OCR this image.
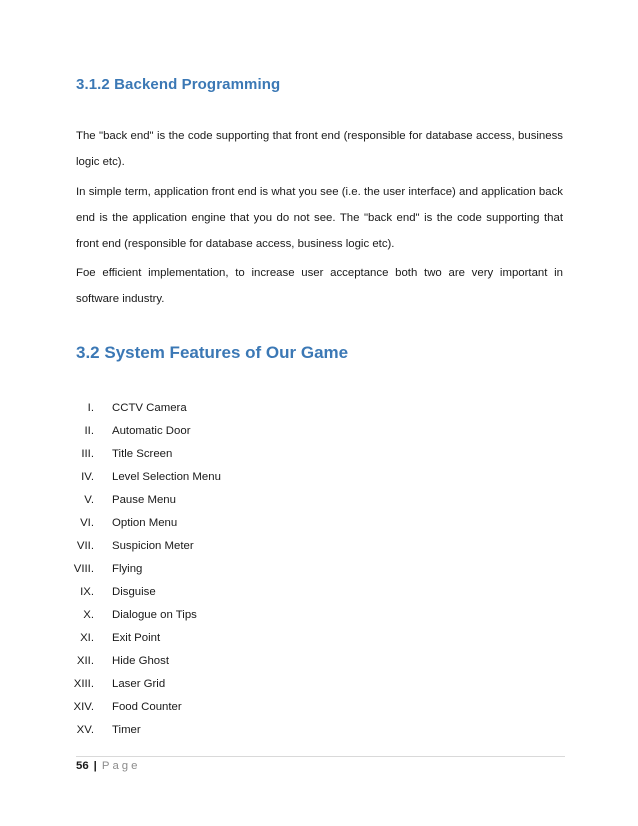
3.1.2 Backend Programming

The "back end" is the code supporting that front end (responsible for database access, business logic etc).

In simple term, application front end is what you see (i.e. the user interface) and application back end is the application engine that you do not see. The "back end" is the code supporting that front end (responsible for database access, business logic etc).

Foe efficient implementation, to increase user acceptance both two are very important in software industry.

3.2 System Features of Our Game
I. CCTV Camera
II. Automatic Door
III. Title Screen
IV. Level Selection Menu
V. Pause Menu
VI. Option Menu
VII. Suspicion Meter
VIII. Flying
IX. Disguise
X. Dialogue on Tips
XI. Exit Point
XII. Hide Ghost
XIII. Laser Grid
XIV. Food Counter
XV. Timer
56 | Page
